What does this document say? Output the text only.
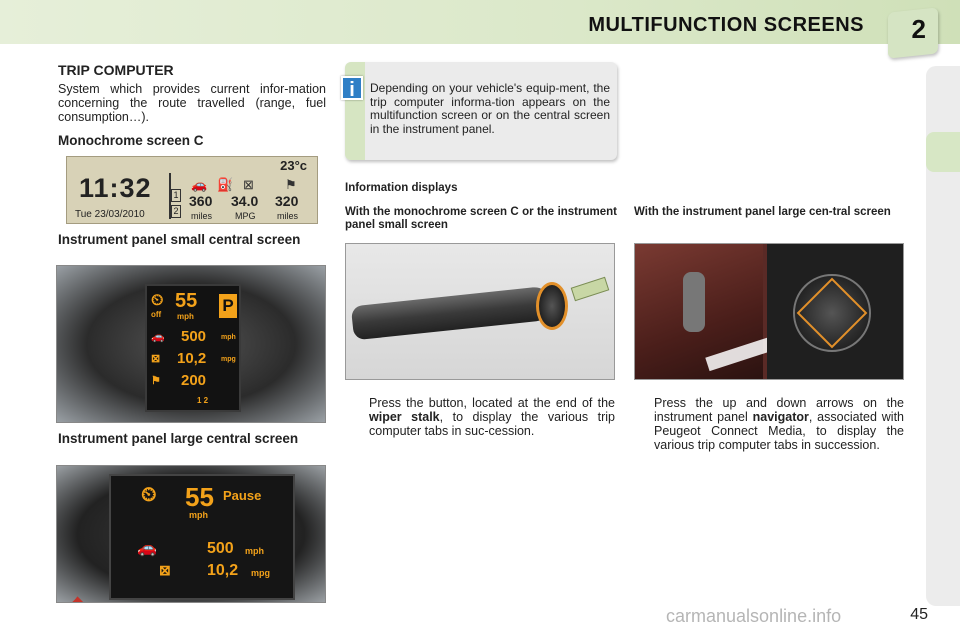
MULTIFUNCTION SCREENS 2
TRIP COMPUTER
System which provides current infor-mation concerning the route travelled (range, fuel consumption…).
Monochrome screen C
11:32
Tue 23/03/2010
23°c
1
2
🚗 ⛽ ⊠ ⚑
360 34.0 320
miles	MPG miles
Instrument panel small central screen
⏲
off
55
mph
P
🚗 500 mph
⊠ 10,2 mpg
⚑ 200
1 2
Instrument panel large central screen
⏲ 55
mph
Pause
🚗	500 mph
⊠ 10,2 mpg
i	Depending on your vehicle's equip-ment, the trip computer informa-tion appears on the multifunction screen or on the central screen in the instrument panel.
Information displays
With the monochrome screen C or the instrument panel small screen
With the instrument panel large cen-tral screen
Press the button, located at the end of the wiper stalk, to display the various trip computer tabs in suc-cession.
Press the up and down arrows on the instrument panel navigator, associated with Peugeot Connect Media, to display the various trip computer tabs in succession.
carmanualsonline.info	45
